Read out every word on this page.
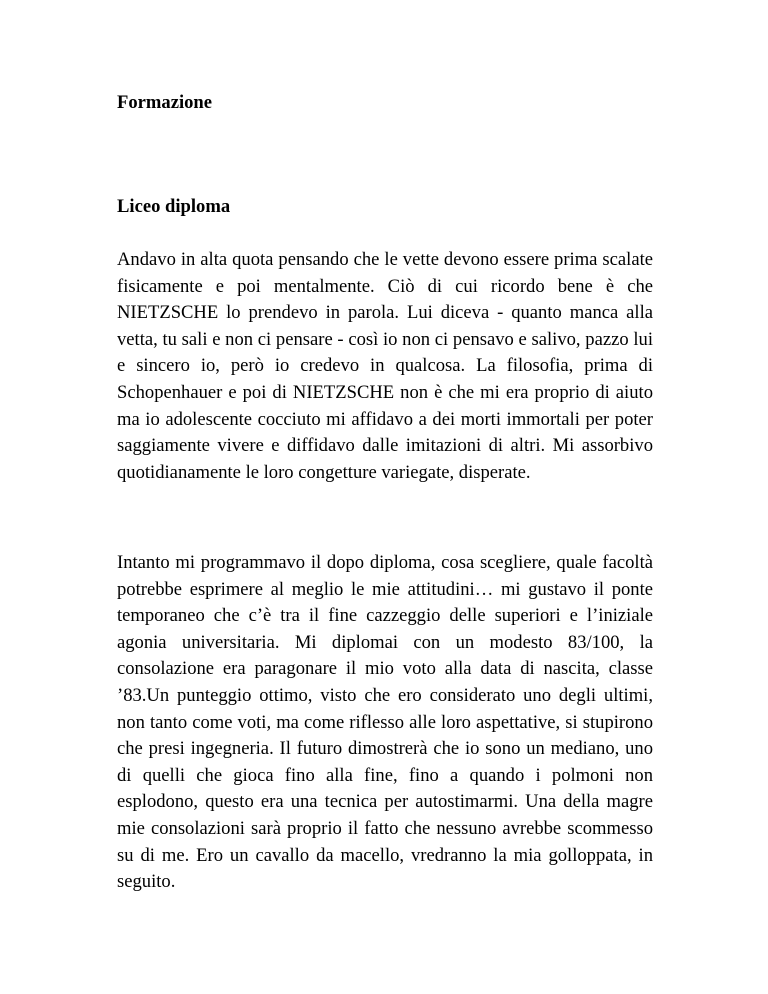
Formazione
Liceo diploma

Andavo in alta quota pensando che le vette devono essere prima scalate fisicamente e poi mentalmente. Ciò di cui ricordo bene è che NIETZSCHE lo prendevo in parola. Lui diceva - quanto manca alla vetta, tu sali e non ci pensare - così io non ci pensavo e salivo, pazzo lui e sincero io, però io credevo in qualcosa. La filosofia, prima di Schopenhauer e poi di NIETZSCHE non è che mi era proprio di aiuto ma io adolescente cocciuto mi affidavo a dei morti immortali per poter saggiamente vivere e diffidavo dalle imitazioni di altri. Mi assorbivo quotidianamente le loro congetture variegate, disperate.

Intanto mi programmavo il dopo diploma, cosa scegliere, quale facoltà potrebbe esprimere al meglio le mie attitudini… mi gustavo il ponte temporaneo che c’è tra il fine cazzeggio delle superiori e l’iniziale agonia universitaria. Mi diplomai con un modesto 83/100, la consolazione era paragonare il mio voto alla data di nascita, classe ’83.Un punteggio ottimo, visto che ero considerato uno degli ultimi, non tanto come voti, ma come riflesso alle loro aspettative, si stupirono che presi ingegneria. Il futuro dimostrerà che io sono un mediano, uno di quelli che gioca fino alla fine, fino a quando i polmoni non esplodono, questo era una tecnica per autostimarmi. Una della magre mie consolazioni sarà proprio il fatto che nessuno avrebbe scommesso su di me. Ero un cavallo da macello, vredranno la mia golloppata, in seguito.
